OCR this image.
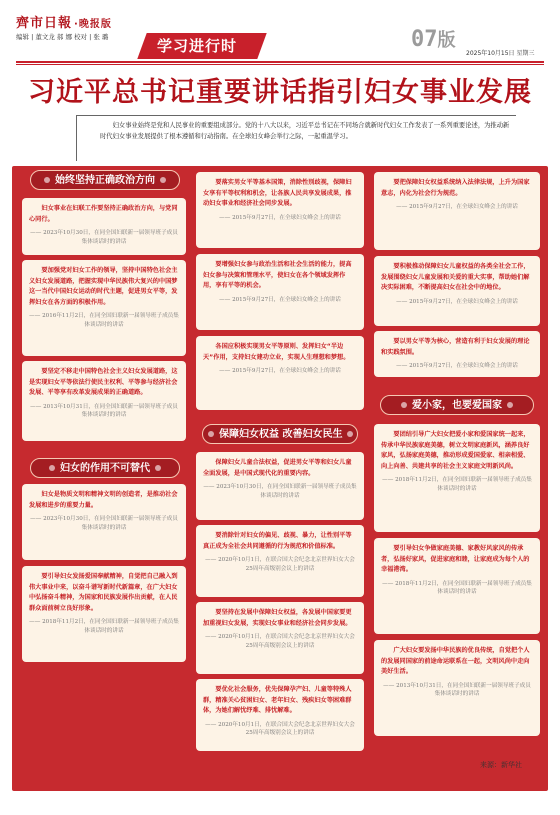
齊市日報 ·晚报版
编辑 | 董文龙 郝 娜 校对 | 张 璐	学习进行时	07版
2025年10月15日 星期三
习近平总书记重要讲话指引妇女事业发展
妇女事业始终是党和人民事业的重要组成部分。党的十八大以来，习近平总书记在不同场合就新时代妇女工作发表了一系列重要论述，为推动新时代妇女事业发展提供了根本遵循和行动指南。在全球妇女峰会举行之际，一起重温学习。
始终坚持正确政治方向
妇女事业在妇联工作要坚持正确政治方向，与党同心同行。
—— 2023年10月30日，在同全国妇联新一届领导班子成员集体谈话时的讲话
要加强党对妇女工作的领导，坚持中国特色社会主义妇女发展道路，把握实现中华民族伟大复兴的中国梦这一当代中国妇女运动的时代主题，促进男女平等，发挥妇女在各方面的积极作用。
—— 2016年11月2日，在同全国妇联新一届领导班子成员集体谈话时的讲话
要坚定不移走中国特色社会主义妇女发展道路，这是实现妇女平等依法行使民主权利、平等参与经济社会发展、平等享有改革发展成果的正确道路。
—— 2013年10月31日，在同全国妇联新一届领导班子成员集体谈话时的讲话
妇女的作用不可替代
妇女是物质文明和精神文明的创造者，是推动社会发展和进步的重要力量。
—— 2023年10月30日，在同全国妇联新一届领导班子成员集体谈话时的讲话
要引导妇女发扬爱国奉献精神，自觉把自己融入到伟大事业中来，以奋斗谱写新时代新篇章，在广大妇女中弘扬奋斗精神，为国家和民族发展作出贡献，在人民群众面前树立良好形象。
—— 2018年11月2日，在同全国妇联新一届领导班子成员集体谈话时的讲话
要落实男女平等基本国策，消除性别歧视，保障妇女享有平等权利和机会，让各族人民共享发展成果，推动妇女事业和经济社会同步发展。
—— 2015年9月27日，在全球妇女峰会上的讲话
要增强妇女参与政治生活和社会生活的能力，提高妇女参与决策和管理水平，使妇女在各个领域发挥作用，享有平等的机会。
—— 2015年9月27日，在全球妇女峰会上的讲话
各国应积极实现男女平等原则、发挥妇女“半边天”作用，支持妇女建功立业，实现人生理想和梦想。
—— 2015年9月27日，在全球妇女峰会上的讲话
保障妇女权益 改善妇女民生
保障妇女儿童合法权益，促进男女平等和妇女儿童全面发展，是中国式现代化的重要内容。
—— 2023年10月30日，在同全国妇联新一届领导班子成员集体谈话时的讲话
要消除针对妇女的偏见、歧视、暴力，让性别平等真正成为全社会共同遵循的行为规范和价值标准。
—— 2020年10月1日，在联合国大会纪念北京世界妇女大会25周年高级别会议上的讲话
要坚持在发展中保障妇女权益，各发展中国家要更加重视妇女发展，实现妇女事业和经济社会同步发展。
—— 2020年10月1日，在联合国大会纪念北京世界妇女大会25周年高级别会议上的讲话
要优化社会服务，优先保障孕产妇、儿童等特殊人群，精准关心贫困妇女、老年妇女、残疾妇女等困难群体，为她们解忧纾难、排忧解难。
—— 2020年10月1日，在联合国大会纪念北京世界妇女大会25周年高级别会议上的讲话
要把保障妇女权益系统纳入法律法规，上升为国家意志，内化为社会行为规范。
—— 2015年9月27日，在全球妇女峰会上的讲话
要积极推动保障妇女儿童权益的各类全社会工作，发展围绕妇女儿童发展和关爱的重大实事，帮助她们解决实际困难，不断提高妇女在社会中的地位。
—— 2015年9月27日，在全球妇女峰会上的讲话
要以男女平等为核心，营造有利于妇女发展的理论和实践氛围。
—— 2015年9月27日，在全球妇女峰会上的讲话
爱小家，也要爱国家
要团结引导广大妇女把爱小家和爱国家统一起来，传承中华民族家庭美德，树立文明家庭新风，涵养良好家风，弘扬家庭美德，推动形成爱国爱家、相亲相爱、向上向善、共建共享的社会主义家庭文明新风尚。
—— 2018年11月2日，在同全国妇联新一届领导班子成员集体谈话时的讲话
要引导妇女争做家庭美德、家教好风家风的传承者，弘扬好家风，促进家庭和睦，让家庭成为每个人的幸福港湾。
—— 2018年11月2日，在同全国妇联新一届领导班子成员集体谈话时的讲话
广大妇女要发扬中华民族的优良传统，自觉把个人的发展同国家的前途命运联系在一起，文明风尚中走向美好生活。
—— 2013年10月31日，在同全国妇联新一届领导班子成员集体谈话时的讲话
来源：新华社
